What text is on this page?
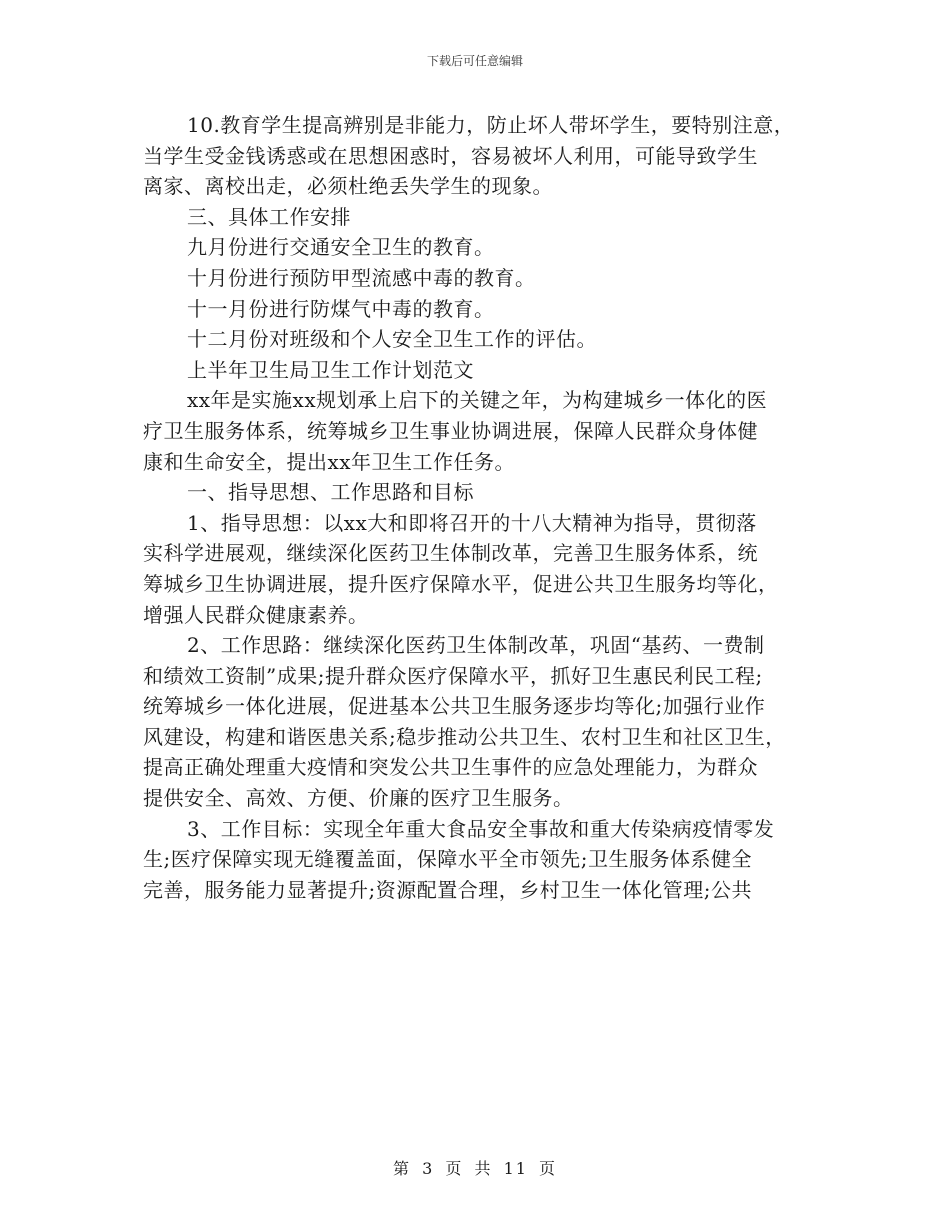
下载后可任意编辑
10.教育学生提高辨别是非能力，防止坏人带坏学生，要特别注意，
当学生受金钱诱惑或在思想困惑时，容易被坏人利用，可能导致学生
离家、离校出走，必须杜绝丢失学生的现象。
三、具体工作安排
九月份进行交通安全卫生的教育。
十月份进行预防甲型流感中毒的教育。
十一月份进行防煤气中毒的教育。
十二月份对班级和个人安全卫生工作的评估。
上半年卫生局卫生工作计划范文
xx年是实施xx规划承上启下的关键之年，为构建城乡一体化的医
疗卫生服务体系，统筹城乡卫生事业协调进展，保障人民群众身体健
康和生命安全，提出xx年卫生工作任务。
一、指导思想、工作思路和目标
1、指导思想：以xx大和即将召开的十八大精神为指导，贯彻落
实科学进展观，继续深化医药卫生体制改革，完善卫生服务体系，统
筹城乡卫生协调进展，提升医疗保障水平，促进公共卫生服务均等化，
增强人民群众健康素养。
2、工作思路：继续深化医药卫生体制改革，巩固“基药、一费制
和绩效工资制”成果;提升群众医疗保障水平，抓好卫生惠民利民工程;
统筹城乡一体化进展，促进基本公共卫生服务逐步均等化;加强行业作
风建设，构建和谐医患关系;稳步推动公共卫生、农村卫生和社区卫生，
提高正确处理重大疫情和突发公共卫生事件的应急处理能力，为群众
提供安全、高效、方便、价廉的医疗卫生服务。
3、工作目标：实现全年重大食品安全事故和重大传染病疫情零发
生;医疗保障实现无缝覆盖面，保障水平全市领先;卫生服务体系健全
完善，服务能力显著提升;资源配置合理，乡村卫生一体化管理;公共
第 3 页 共 11 页
